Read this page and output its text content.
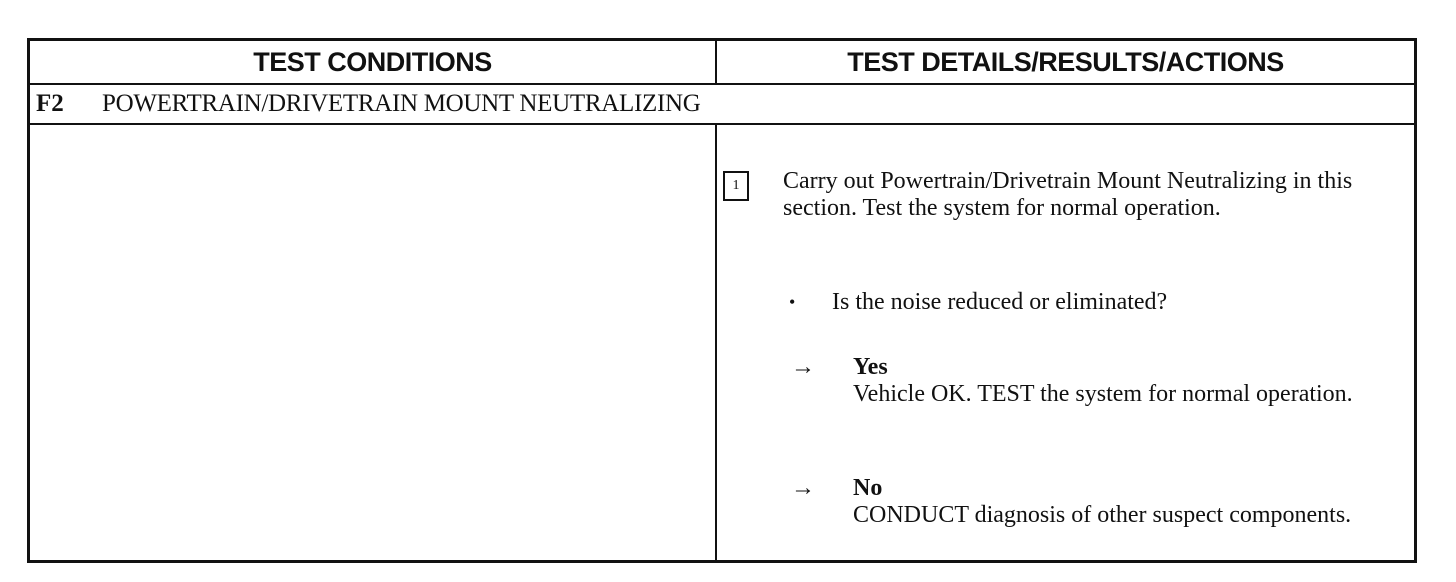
TEST CONDITIONS	TEST DETAILS/RESULTS/ACTIONS
F2 POWERTRAIN/DRIVETRAIN MOUNT NEUTRALIZING
1	Carry out Powertrain/Drivetrain Mount Neutralizing in this section. Test the system for normal operation.
• Is the noise reduced or eliminated?
→ Yes
Vehicle OK. TEST the system for normal operation.
→ No
CONDUCT diagnosis of other suspect components.
